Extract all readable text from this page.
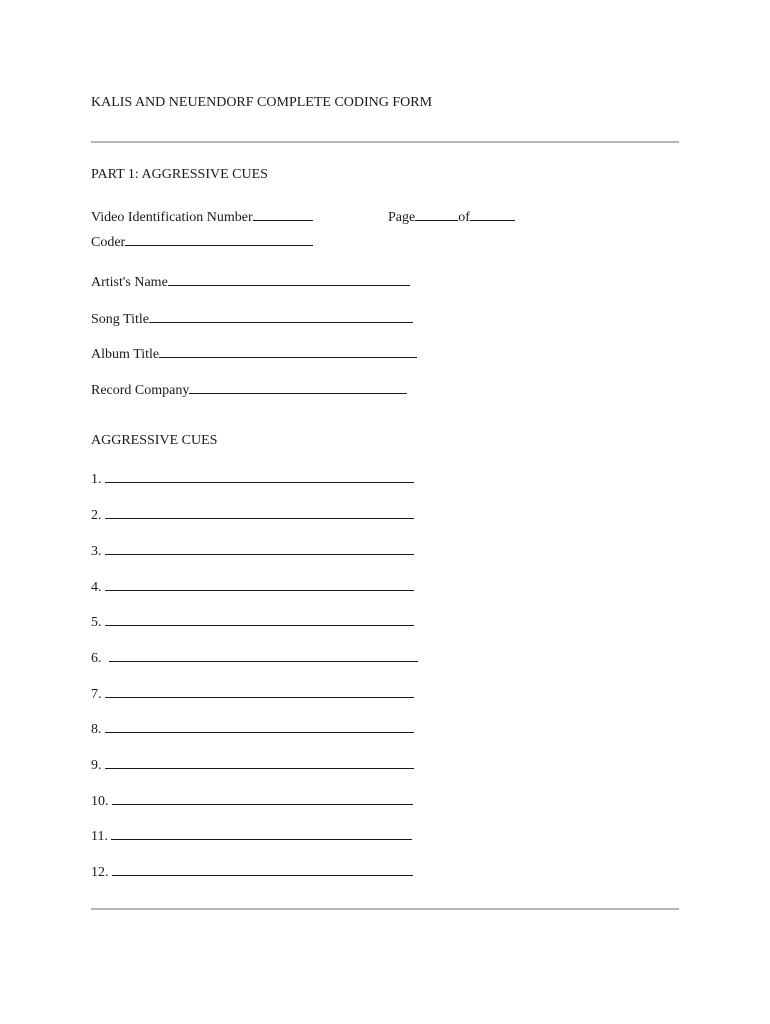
KALIS AND NEUENDORF COMPLETE CODING FORM
PART 1: AGGRESSIVE CUES
Video Identification Number	Page	of
Coder
Artist's Name
Song Title
Album Title
Record Company
AGGRESSIVE CUES
1.
2.
3.
4.
5.
6.
7.
8.
9.
10.
11.
12.
